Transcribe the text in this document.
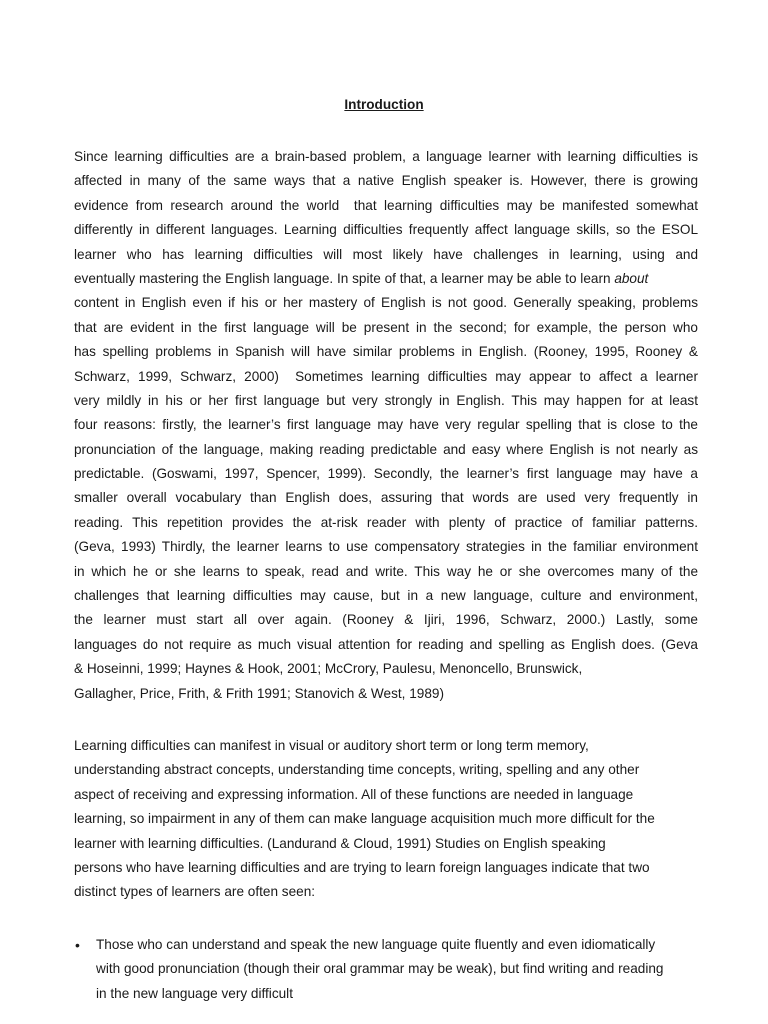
Introduction
Since learning difficulties are a brain-based problem, a language learner with learning difficulties is
affected in many of the same ways that a native English speaker is. However, there is growing
evidence from research around the world  that learning difficulties may be manifested somewhat
differently in different languages. Learning difficulties frequently affect language skills, so the ESOL
learner who has learning difficulties will most likely have challenges in learning, using and
eventually mastering the English language. In spite of that, a learner may be able to learn about
content in English even if his or her mastery of English is not good. Generally speaking, problems
that are evident in the first language will be present in the second; for example, the person who
has spelling problems in Spanish will have similar problems in English. (Rooney, 1995, Rooney &
Schwarz, 1999, Schwarz, 2000)  Sometimes learning difficulties may appear to affect a learner
very mildly in his or her first language but very strongly in English. This may happen for at least
four reasons: firstly, the learner’s first language may have very regular spelling that is close to the
pronunciation of the language, making reading predictable and easy where English is not nearly as
predictable. (Goswami, 1997, Spencer, 1999). Secondly, the learner’s first language may have a
smaller overall vocabulary than English does, assuring that words are used very frequently in
reading. This repetition provides the at-risk reader with plenty of practice of familiar patterns.
(Geva, 1993) Thirdly, the learner learns to use compensatory strategies in the familiar environment
in which he or she learns to speak, read and write. This way he or she overcomes many of the
challenges that learning difficulties may cause, but in a new language, culture and environment,
the learner must start all over again. (Rooney & Ijiri, 1996, Schwarz, 2000.) Lastly, some
languages do not require as much visual attention for reading and spelling as English does. (Geva
& Hoseinni, 1999; Haynes & Hook, 2001; McCrory, Paulesu, Menoncello, Brunswick,
Gallagher, Price, Frith, & Frith 1991; Stanovich & West, 1989)
Learning difficulties can manifest in visual or auditory short term or long term memory,
understanding abstract concepts, understanding time concepts, writing, spelling and any other
aspect of receiving and expressing information. All of these functions are needed in language
learning, so impairment in any of them can make language acquisition much more difficult for the
learner with learning difficulties. (Landurand & Cloud, 1991) Studies on English speaking
persons who have learning difficulties and are trying to learn foreign languages indicate that two
distinct types of learners are often seen:
• Those who can understand and speak the new language quite fluently and even idiomatically
with good pronunciation (though their oral grammar may be weak), but find writing and reading
in the new language very difficult
